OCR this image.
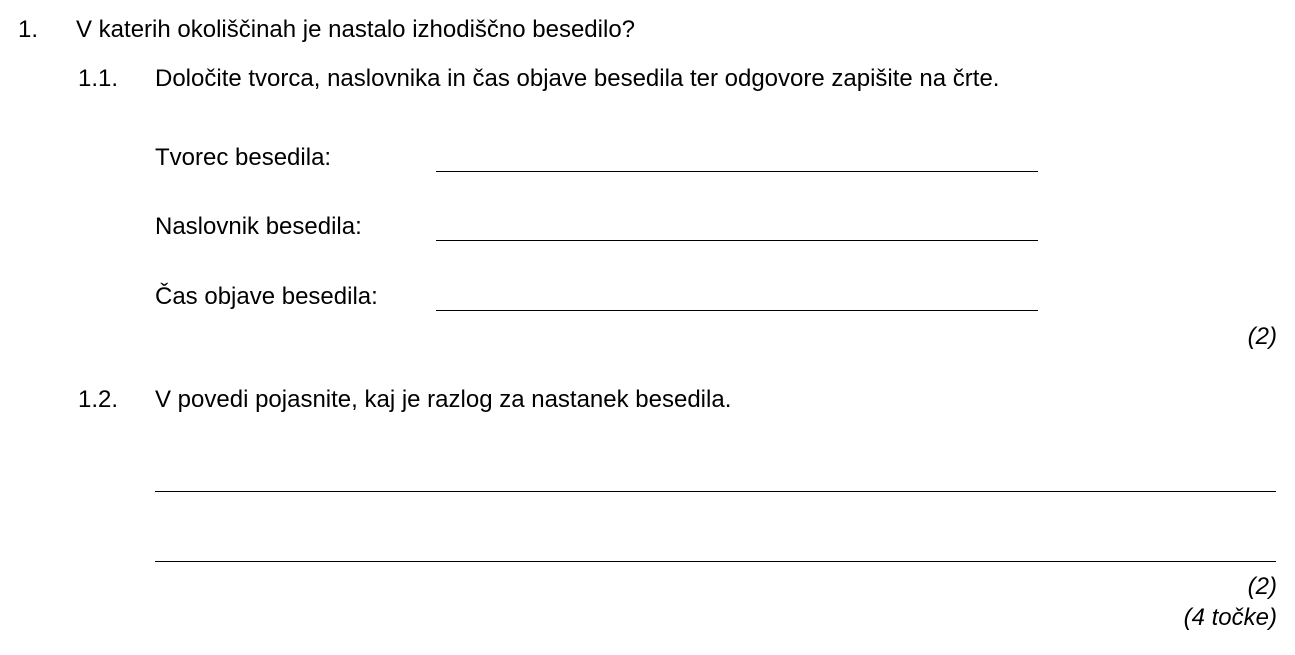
1. V katerih okoliščinah je nastalo izhodiščno besedilo?
1.1. Določite tvorca, naslovnika in čas objave besedila ter odgovore zapišite na črte.
Tvorec besedila:
Naslovnik besedila:
Čas objave besedila:
(2)
1.2. V povedi pojasnite, kaj je razlog za nastanek besedila.
(2)
(4 točke)
